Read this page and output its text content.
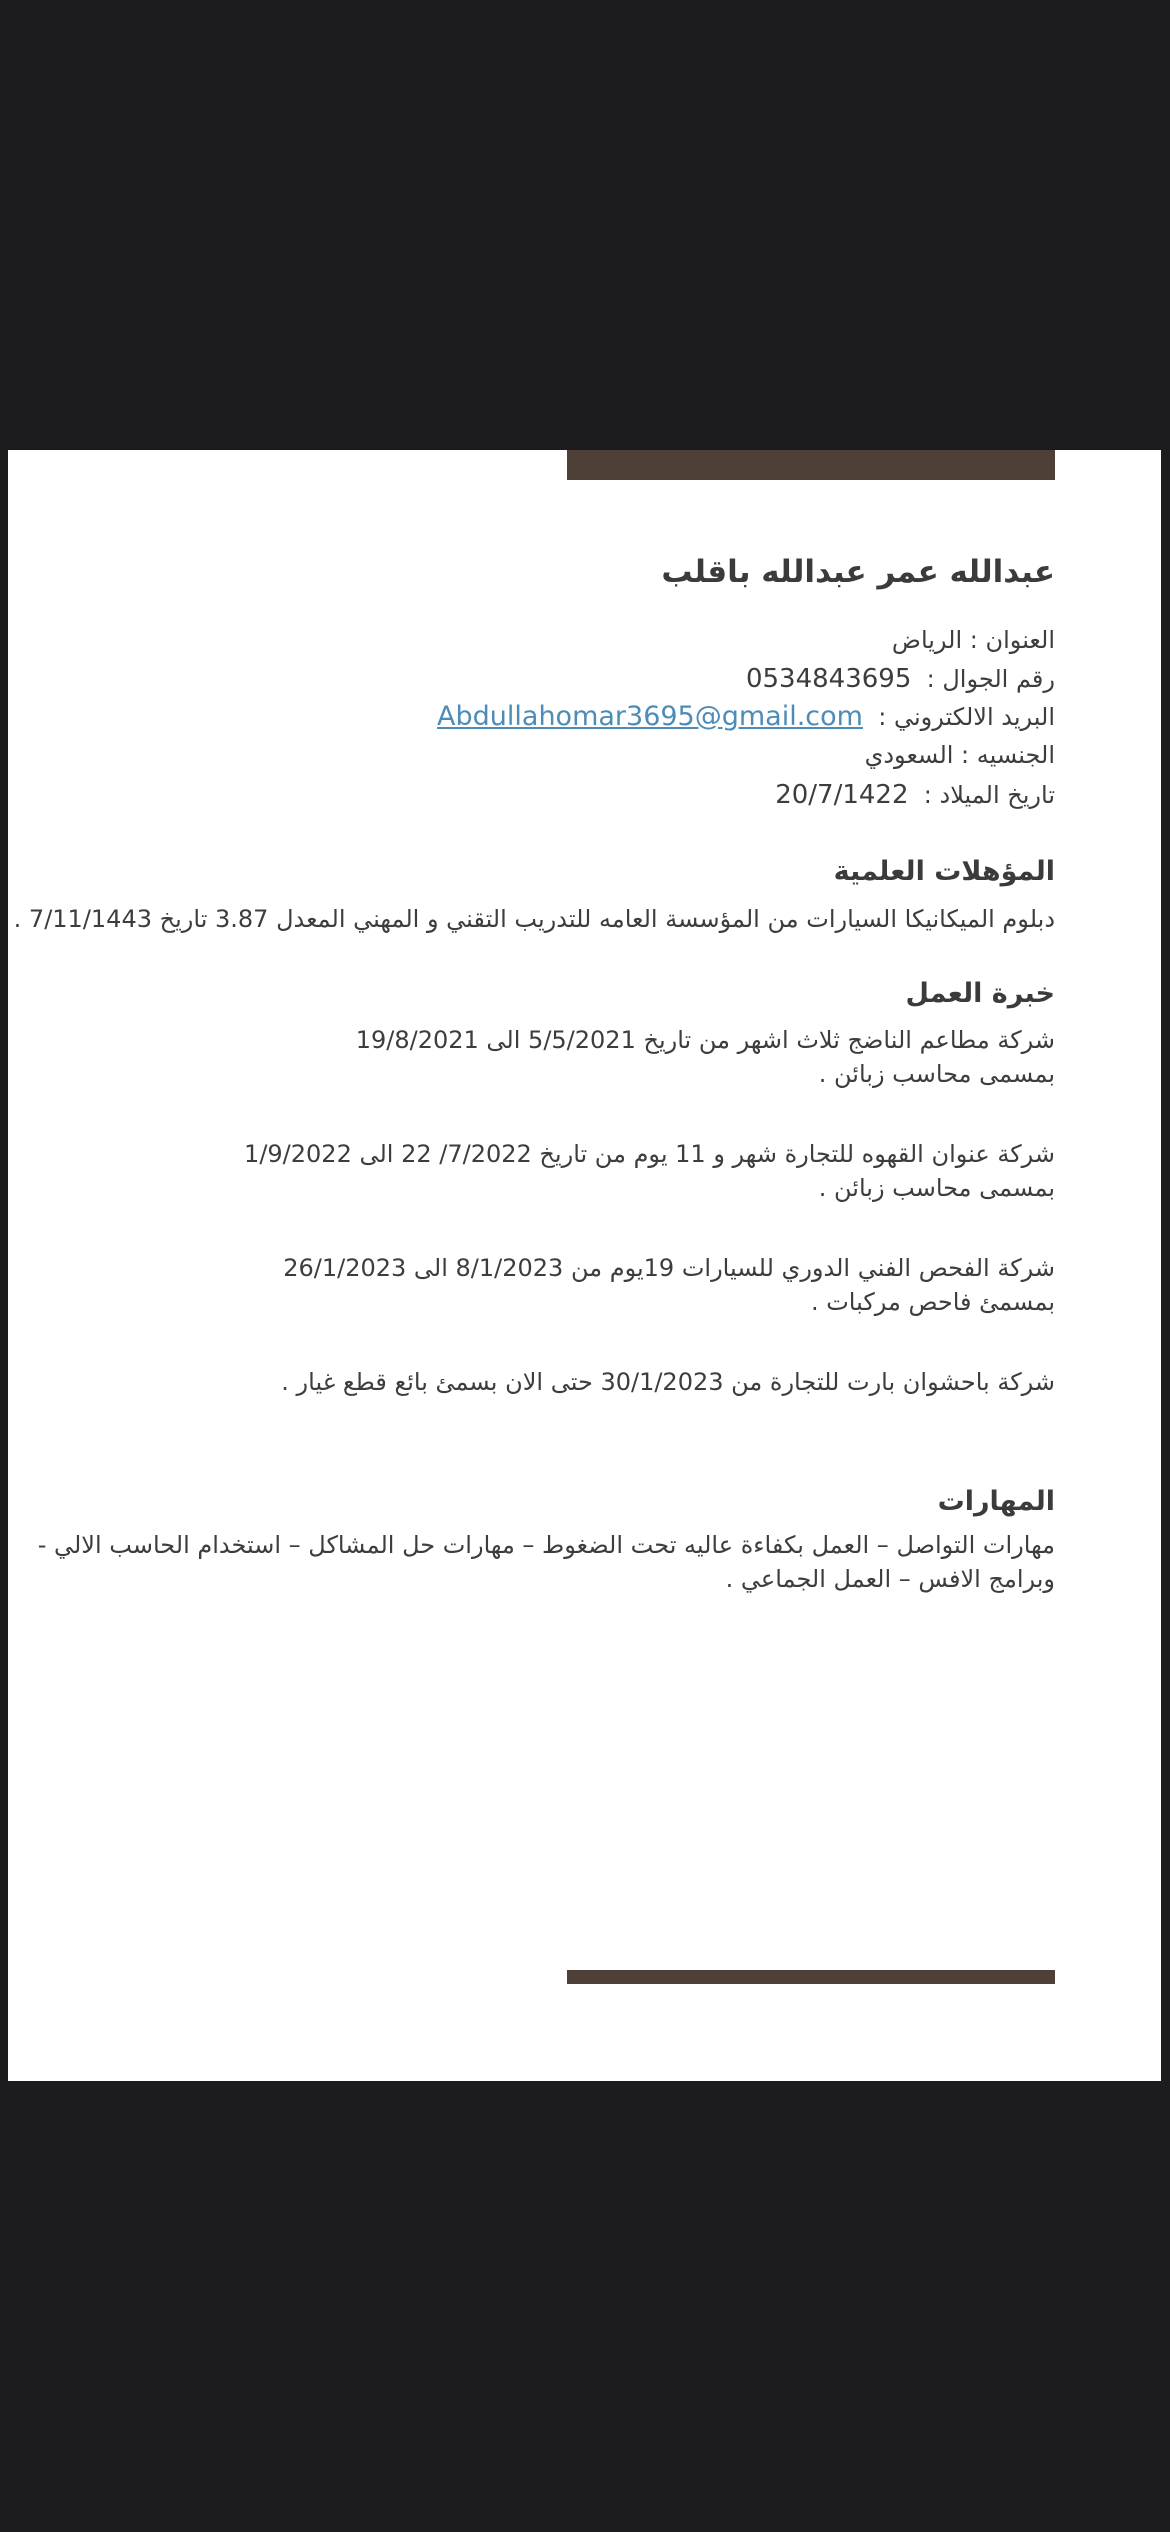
عبدالله عمر عبدالله باقلب
العنوان : الرياض
رقم الجوال :  0534843695
البريد الالكتروني :  Abdullahomar3695@gmail.com
الجنسيه : السعودي
تاريخ الميلاد :  20/7/1422
المؤهلات العلمية
دبلوم الميكانيكا السيارات من المؤسسة العامه للتدريب التقني و المهني المعدل 3.87 تاريخ 7/11/1443 .
خبرة العمل
شركة مطاعم الناضج ثلاث اشهر من تاريخ 5/5/2021 الى 19/8/2021
بمسمى محاسب زبائن .
شركة عنوان القهوه للتجارة شهر و 11 يوم من تاريخ 7/2022/ 22 الى 1/9/2022
بمسمى محاسب زبائن .
شركة الفحص الفني الدوري للسيارات 19يوم من 8/1/2023 الى 26/1/2023
بمسمئ فاحص مركبات .
شركة باحشوان بارت للتجارة من 30/1/2023 حتى الان بسمئ بائع قطع غيار .
المهارات
مهارات التواصل – العمل بكفاءة عاليه تحت الضغوط – مهارات حل المشاكل – استخدام الحاسب الالي -
وبرامج الافس – العمل الجماعي .
